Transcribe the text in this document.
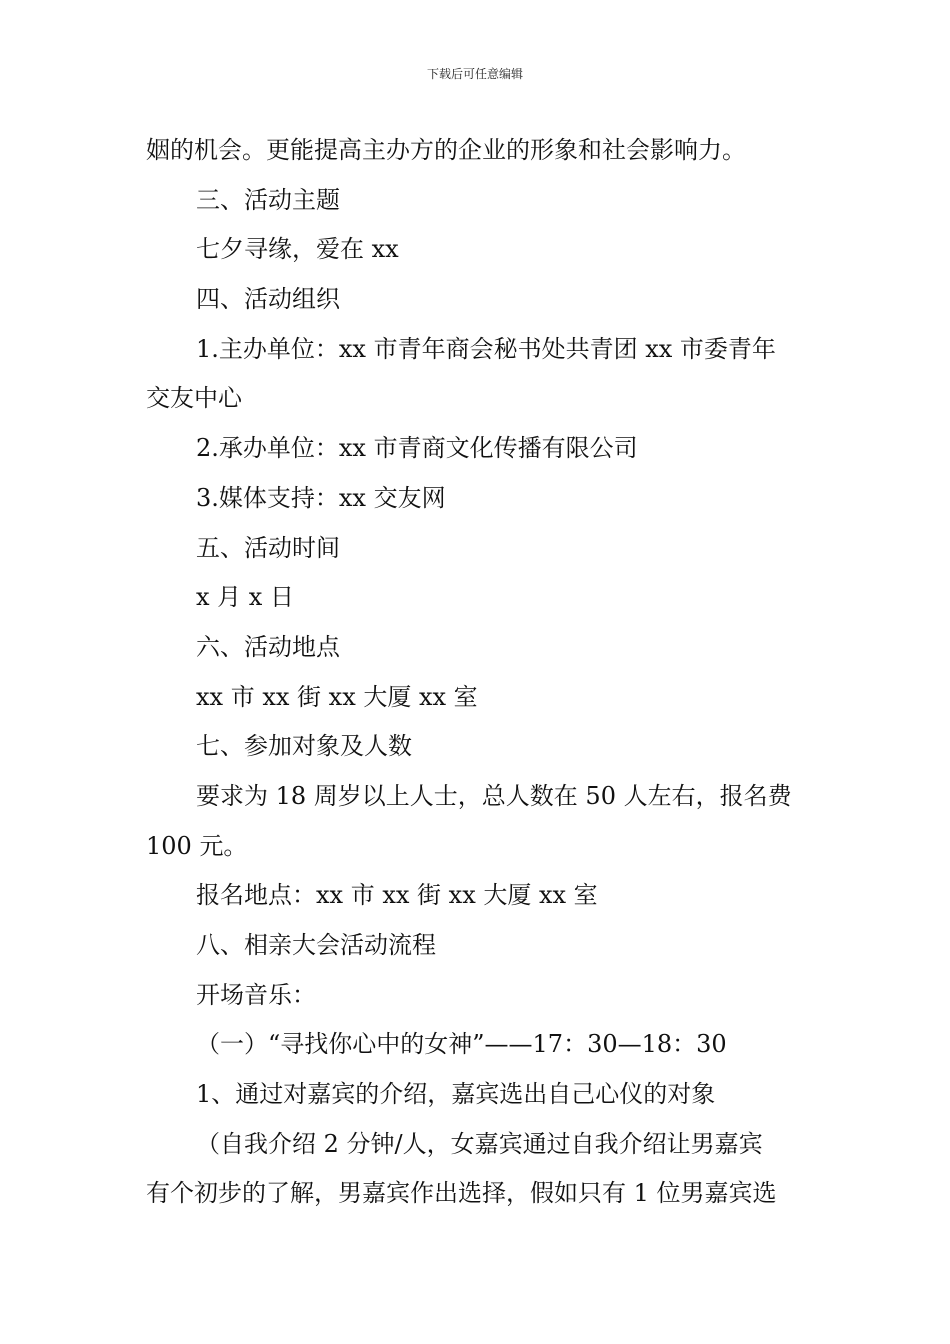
下载后可任意编辑
姻的机会。更能提高主办方的企业的形象和社会影响力。
三、活动主题
七夕寻缘，爱在 xx
四、活动组织
1.主办单位：xx 市青年商会秘书处共青团 xx 市委青年
交友中心
2.承办单位：xx 市青商文化传播有限公司
3.媒体支持：xx 交友网
五、活动时间
x 月 x 日
六、活动地点
xx 市 xx 街 xx 大厦 xx 室
七、参加对象及人数
要求为 18 周岁以上人士，总人数在 50 人左右，报名费
100 元。
报名地点：xx 市 xx 街 xx 大厦 xx 室
八、相亲大会活动流程
开场音乐：
（一）“寻找你心中的女神”——17：30—18：30
1、通过对嘉宾的介绍，嘉宾选出自己心仪的对象
（自我介绍 2 分钟/人，女嘉宾通过自我介绍让男嘉宾
有个初步的了解，男嘉宾作出选择，假如只有 1 位男嘉宾选
